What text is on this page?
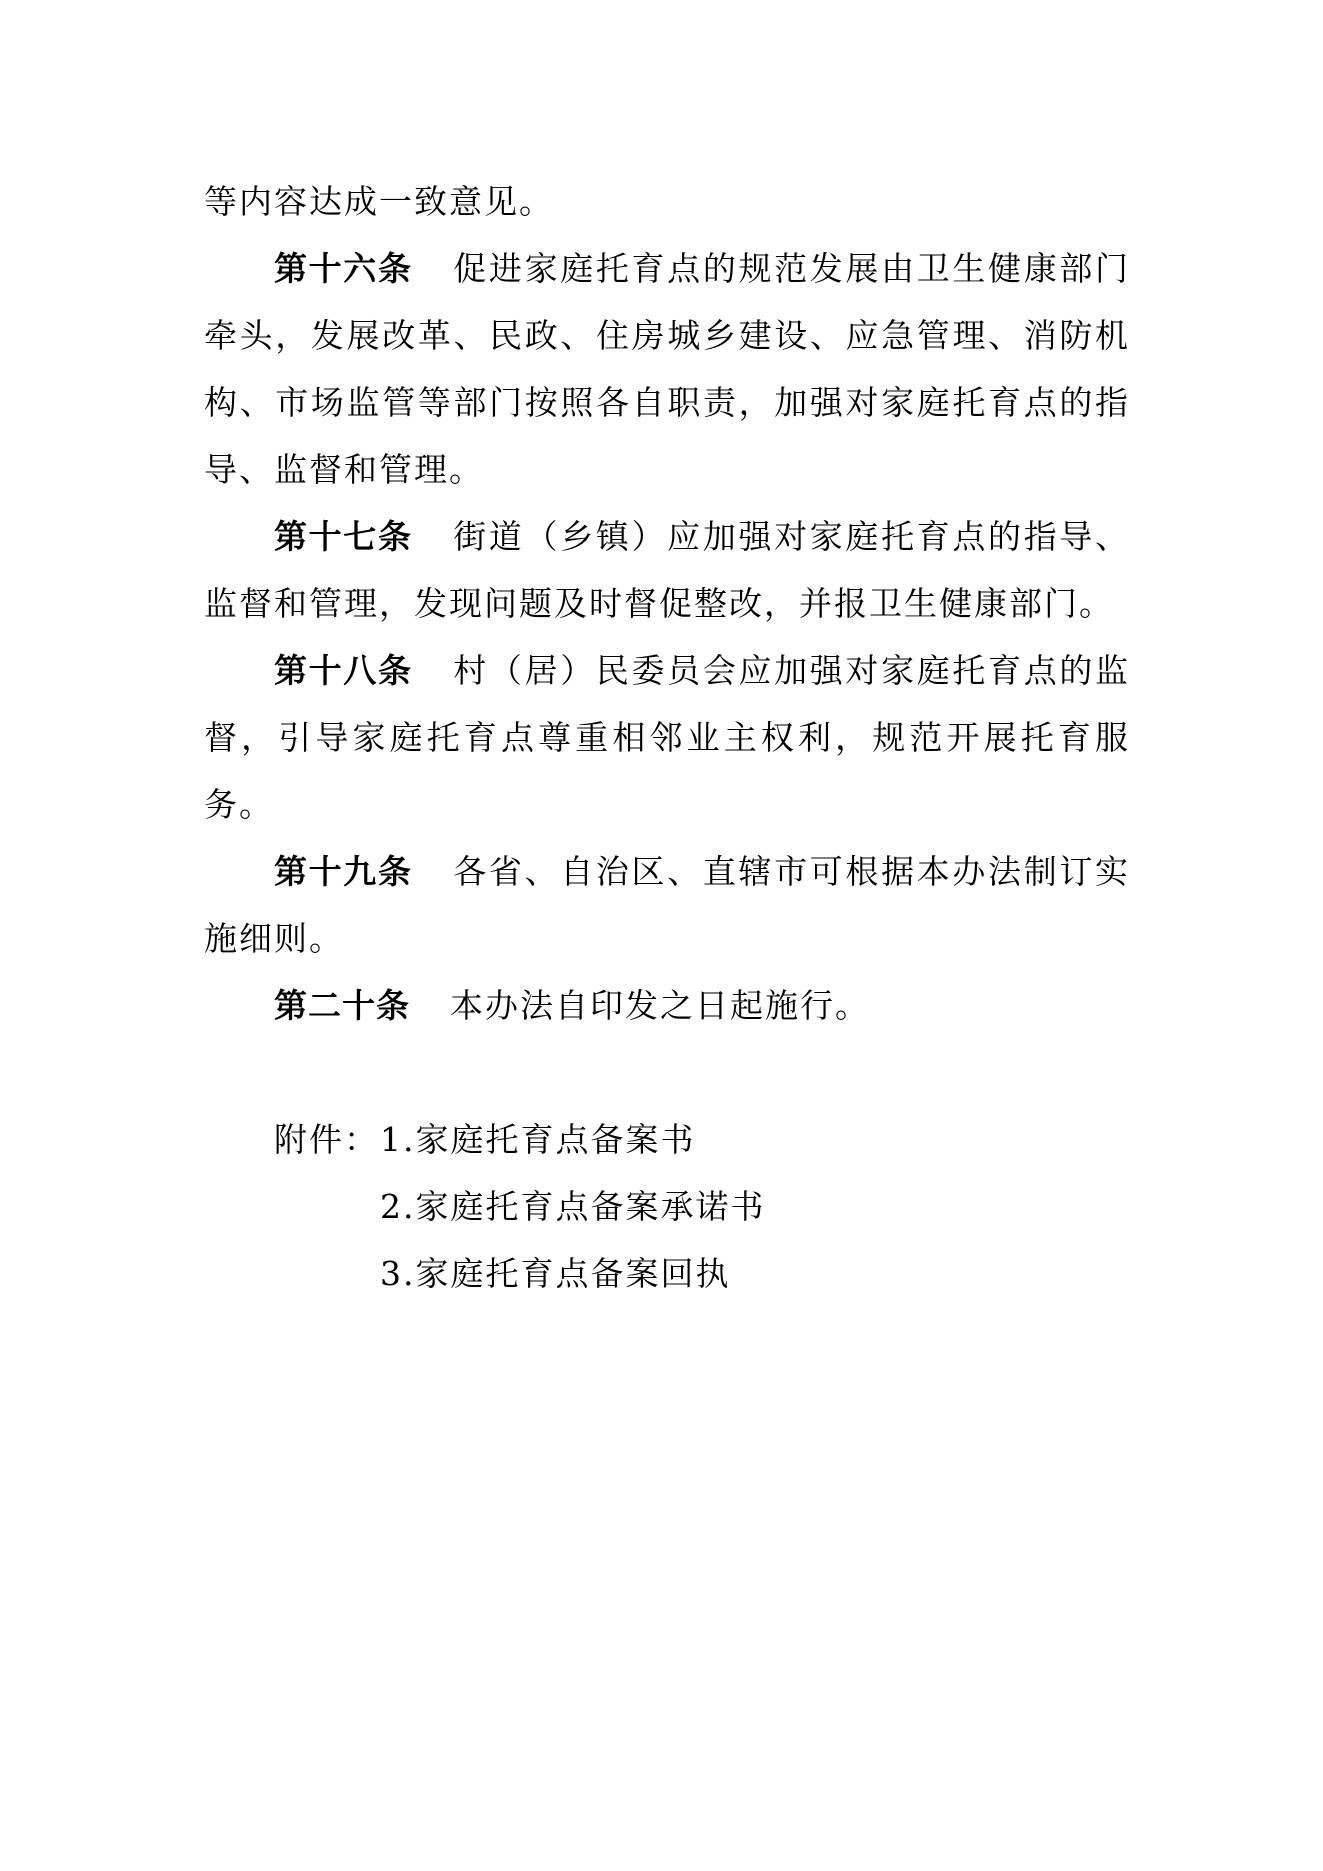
等内容达成一致意见。

第十六条 促进家庭托育点的规范发展由卫生健康部门牵头，发展改革、民政、住房城乡建设、应急管理、消防机构、市场监管等部门按照各自职责，加强对家庭托育点的指导、监督和管理。

第十七条 街道（乡镇）应加强对家庭托育点的指导、监督和管理，发现问题及时督促整改，并报卫生健康部门。

第十八条 村（居）民委员会应加强对家庭托育点的监督，引导家庭托育点尊重相邻业主权利，规范开展托育服务。

第十九条 各省、自治区、直辖市可根据本办法制订实施细则。

第二十条 本办法自印发之日起施行。

附件： 1.家庭托育点备案书
2.家庭托育点备案承诺书
3.家庭托育点备案回执
